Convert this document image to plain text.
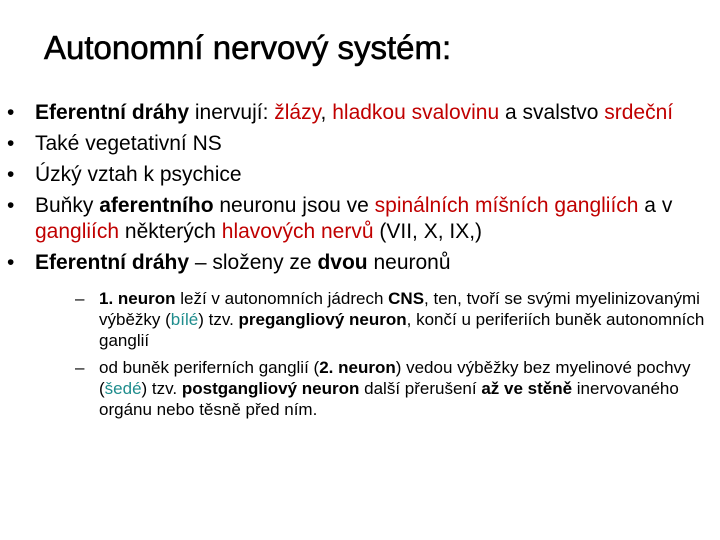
Autonomní nervový systém:
• Eferentní dráhy inervují: žlázy, hladkou svalovinu a svalstvo srdeční
• Také vegetativní NS
• Úzký vztah k psychice
• Buňky aferentního neuronu jsou ve spinálních míšních gangliích a v gangliích některých hlavových nervů (VII, X, IX,)
• Eferentní dráhy – složeny ze dvou neuronů
– 1. neuron leží v autonomních jádrech CNS, ten, tvoří se svými myelinizovanými výběžky (bílé) tzv. pregangliový neuron, končí u periferiích buněk autonomních ganglií
– od buněk periferních ganglií (2. neuron) vedou výběžky bez myelinové pochvy (šedé) tzv. postgangliový neuron další přerušení až ve stěně inervovaného orgánu nebo těsně před ním.
